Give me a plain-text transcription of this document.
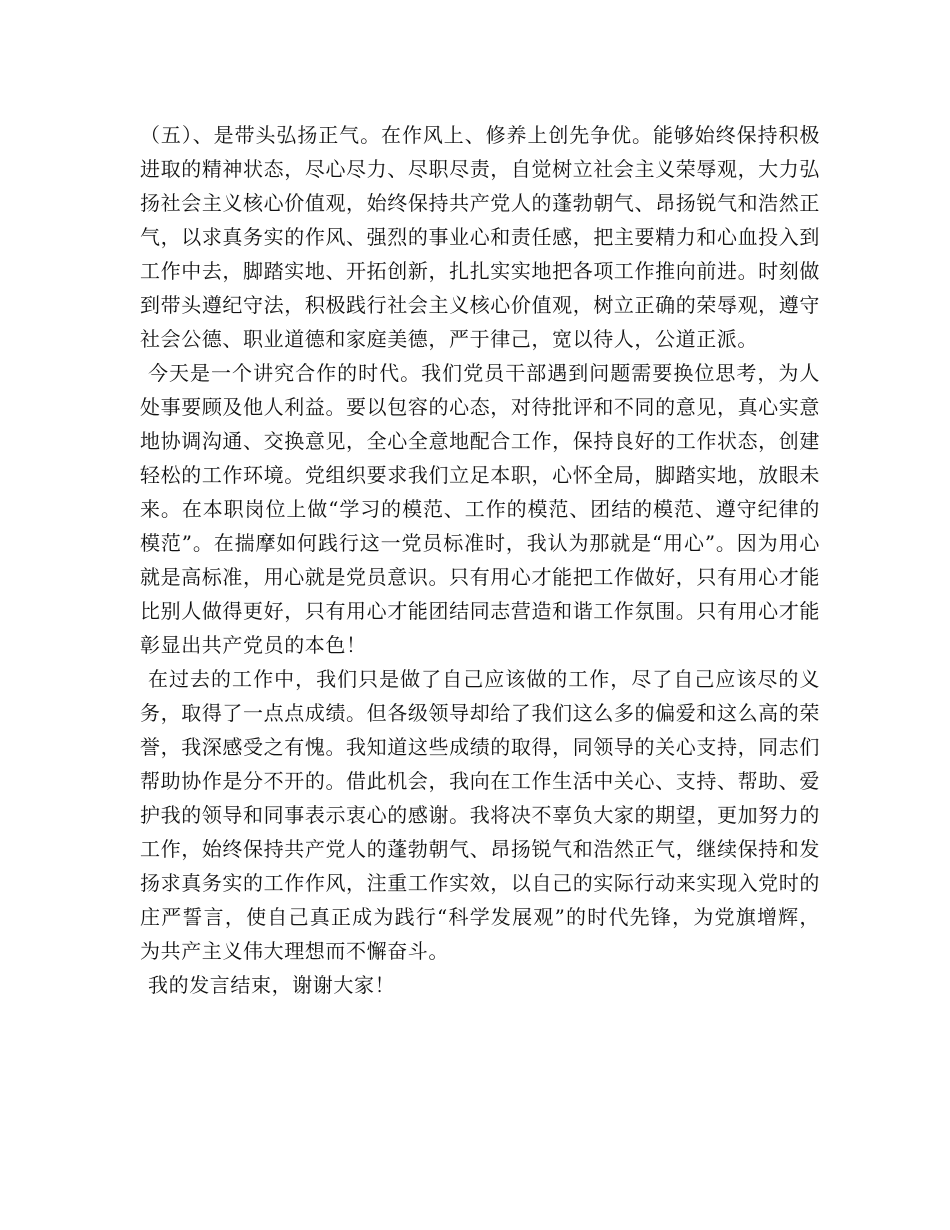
（五）、是带头弘扬正气。在作风上、修养上创先争优。能够始终保持积极进取的精神状态，尽心尽力、尽职尽责，自觉树立社会主义荣辱观，大力弘扬社会主义核心价值观，始终保持共产党人的蓬勃朝气、昂扬锐气和浩然正气，以求真务实的作风、强烈的事业心和责任感，把主要精力和心血投入到工作中去，脚踏实地、开拓创新，扎扎实实地把各项工作推向前进。时刻做到带头遵纪守法，积极践行社会主义核心价值观，树立正确的荣辱观，遵守社会公德、职业道德和家庭美德，严于律己，宽以待人，公道正派。

今天是一个讲究合作的时代。我们党员干部遇到问题需要换位思考，为人处事要顾及他人利益。要以包容的心态，对待批评和不同的意见，真心实意地协调沟通、交换意见，全心全意地配合工作，保持良好的工作状态，创建轻松的工作环境。党组织要求我们立足本职，心怀全局，脚踏实地，放眼未来。在本职岗位上做“学习的模范、工作的模范、团结的模范、遵守纪律的模范”。在揣摩如何践行这一党员标准时，我认为那就是“用心”。因为用心就是高标准，用心就是党员意识。只有用心才能把工作做好，只有用心才能比别人做得更好，只有用心才能团结同志营造和谐工作氛围。只有用心才能彰显出共产党员的本色！

在过去的工作中，我们只是做了自己应该做的工作，尽了自己应该尽的义务，取得了一点点成绩。但各级领导却给了我们这么多的偏爱和这么高的荣誉，我深感受之有愧。我知道这些成绩的取得，同领导的关心支持，同志们帮助协作是分不开的。借此机会，我向在工作生活中关心、支持、帮助、爱护我的领导和同事表示衷心的感谢。我将决不辜负大家的期望，更加努力的工作，始终保持共产党人的蓬勃朝气、昂扬锐气和浩然正气，继续保持和发扬求真务实的工作作风，注重工作实效，以自己的实际行动来实现入党时的庄严誓言，使自己真正成为践行“科学发展观”的时代先锋，为党旗增辉，为共产主义伟大理想而不懈奋斗。

我的发言结束，谢谢大家！
